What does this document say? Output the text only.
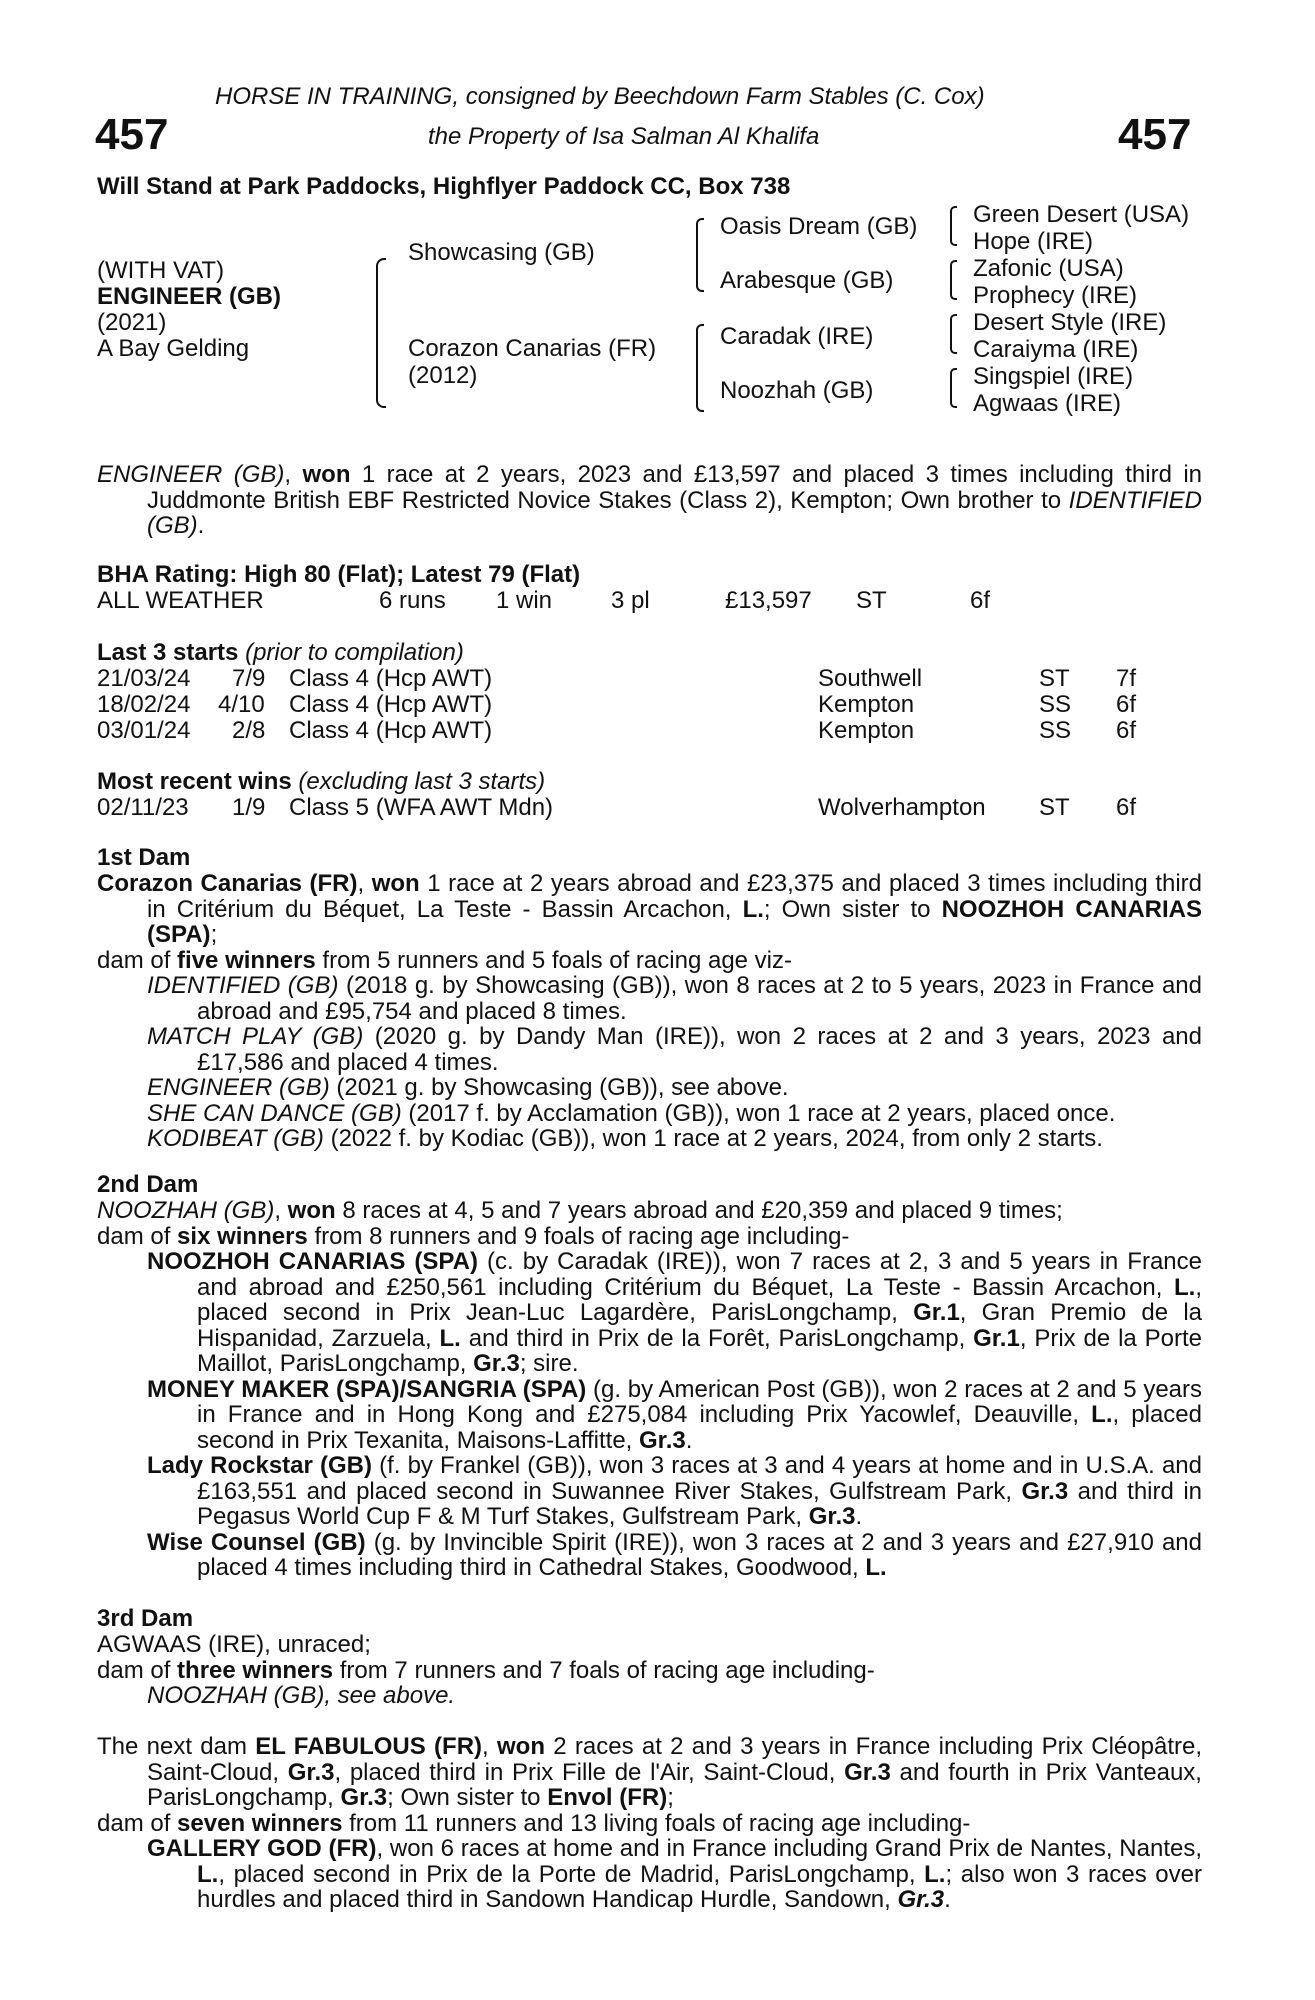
HORSE IN TRAINING, consigned by Beechdown Farm Stables (C. Cox)
the Property of Isa Salman Al Khalifa
457	457
Will Stand at Park Paddocks, Highflyer Paddock CC, Box 738
(WITH VAT)
ENGINEER (GB)
(2021)
A Bay Gelding
Showcasing (GB)
Corazon Canarias (FR)
(2012)
Oasis Dream (GB)
Arabesque (GB)
Caradak (IRE)
Noozhah (GB)
Green Desert (USA)
Hope (IRE)
Zafonic (USA)
Prophecy (IRE)
Desert Style (IRE)
Caraiyma (IRE)
Singspiel (IRE)
Agwaas (IRE)

ENGINEER (GB), won 1 race at 2 years, 2023 and £13,597 and placed 3 times including third in Juddmonte British EBF Restricted Novice Stakes (Class 2), Kempton; Own brother to IDENTIFIED (GB).

BHA Rating: High 80 (Flat); Latest 79 (Flat)
ALL WEATHER	6 runs 1 win 3 pl	£13,597 ST	6f
Last 3 starts (prior to compilation)
21/03/24 7/9 Class 4 (Hcp AWT)	Southwell	ST 7f
18/02/24 4/10 Class 4 (Hcp AWT)	Kempton	SS 6f
03/01/24 2/8 Class 4 (Hcp AWT)	Kempton	SS 6f
Most recent wins (excluding last 3 starts)
02/11/23 1/9 Class 5 (WFA AWT Mdn)	Wolverhampton ST 6f
1st Dam

Corazon Canarias (FR), won 1 race at 2 years abroad and £23,375 and placed 3 times including third in Critérium du Béquet, La Teste - Bassin Arcachon, L.; Own sister to NOOZHOH CANARIAS (SPA);

dam of five winners from 5 runners and 5 foals of racing age viz-

IDENTIFIED (GB) (2018 g. by Showcasing (GB)), won 8 races at 2 to 5 years, 2023 in France and abroad and £95,754 and placed 8 times.

MATCH PLAY (GB) (2020 g. by Dandy Man (IRE)), won 2 races at 2 and 3 years, 2023 and £17,586 and placed 4 times.

ENGINEER (GB) (2021 g. by Showcasing (GB)), see above.

SHE CAN DANCE (GB) (2017 f. by Acclamation (GB)), won 1 race at 2 years, placed once.

KODIBEAT (GB) (2022 f. by Kodiac (GB)), won 1 race at 2 years, 2024, from only 2 starts.

2nd Dam

NOOZHAH (GB), won 8 races at 4, 5 and 7 years abroad and £20,359 and placed 9 times;

dam of six winners from 8 runners and 9 foals of racing age including-

NOOZHOH CANARIAS (SPA) (c. by Caradak (IRE)), won 7 races at 2, 3 and 5 years in France and abroad and £250,561 including Critérium du Béquet, La Teste - Bassin Arcachon, L., placed second in Prix Jean-Luc Lagardère, ParisLongchamp, Gr.1, Gran Premio de la Hispanidad, Zarzuela, L. and third in Prix de la Forêt, ParisLongchamp, Gr.1, Prix de la Porte Maillot, ParisLongchamp, Gr.3; sire.

MONEY MAKER (SPA)/SANGRIA (SPA) (g. by American Post (GB)), won 2 races at 2 and 5 years in France and in Hong Kong and £275,084 including Prix Yacowlef, Deauville, L., placed second in Prix Texanita, Maisons-Laffitte, Gr.3.

Lady Rockstar (GB) (f. by Frankel (GB)), won 3 races at 3 and 4 years at home and in U.S.A. and £163,551 and placed second in Suwannee River Stakes, Gulfstream Park, Gr.3 and third in Pegasus World Cup F & M Turf Stakes, Gulfstream Park, Gr.3.

Wise Counsel (GB) (g. by Invincible Spirit (IRE)), won 3 races at 2 and 3 years and £27,910 and placed 4 times including third in Cathedral Stakes, Goodwood, L.

3rd Dam

AGWAAS (IRE), unraced;

dam of three winners from 7 runners and 7 foals of racing age including-

NOOZHAH (GB), see above.

The next dam EL FABULOUS (FR), won 2 races at 2 and 3 years in France including Prix Cléopâtre, Saint-Cloud, Gr.3, placed third in Prix Fille de l'Air, Saint-Cloud, Gr.3 and fourth in Prix Vanteaux, ParisLongchamp, Gr.3; Own sister to Envol (FR);

dam of seven winners from 11 runners and 13 living foals of racing age including-

GALLERY GOD (FR), won 6 races at home and in France including Grand Prix de Nantes, Nantes, L., placed second in Prix de la Porte de Madrid, ParisLongchamp, L.; also won 3 races over hurdles and placed third in Sandown Handicap Hurdle, Sandown, Gr.3.
